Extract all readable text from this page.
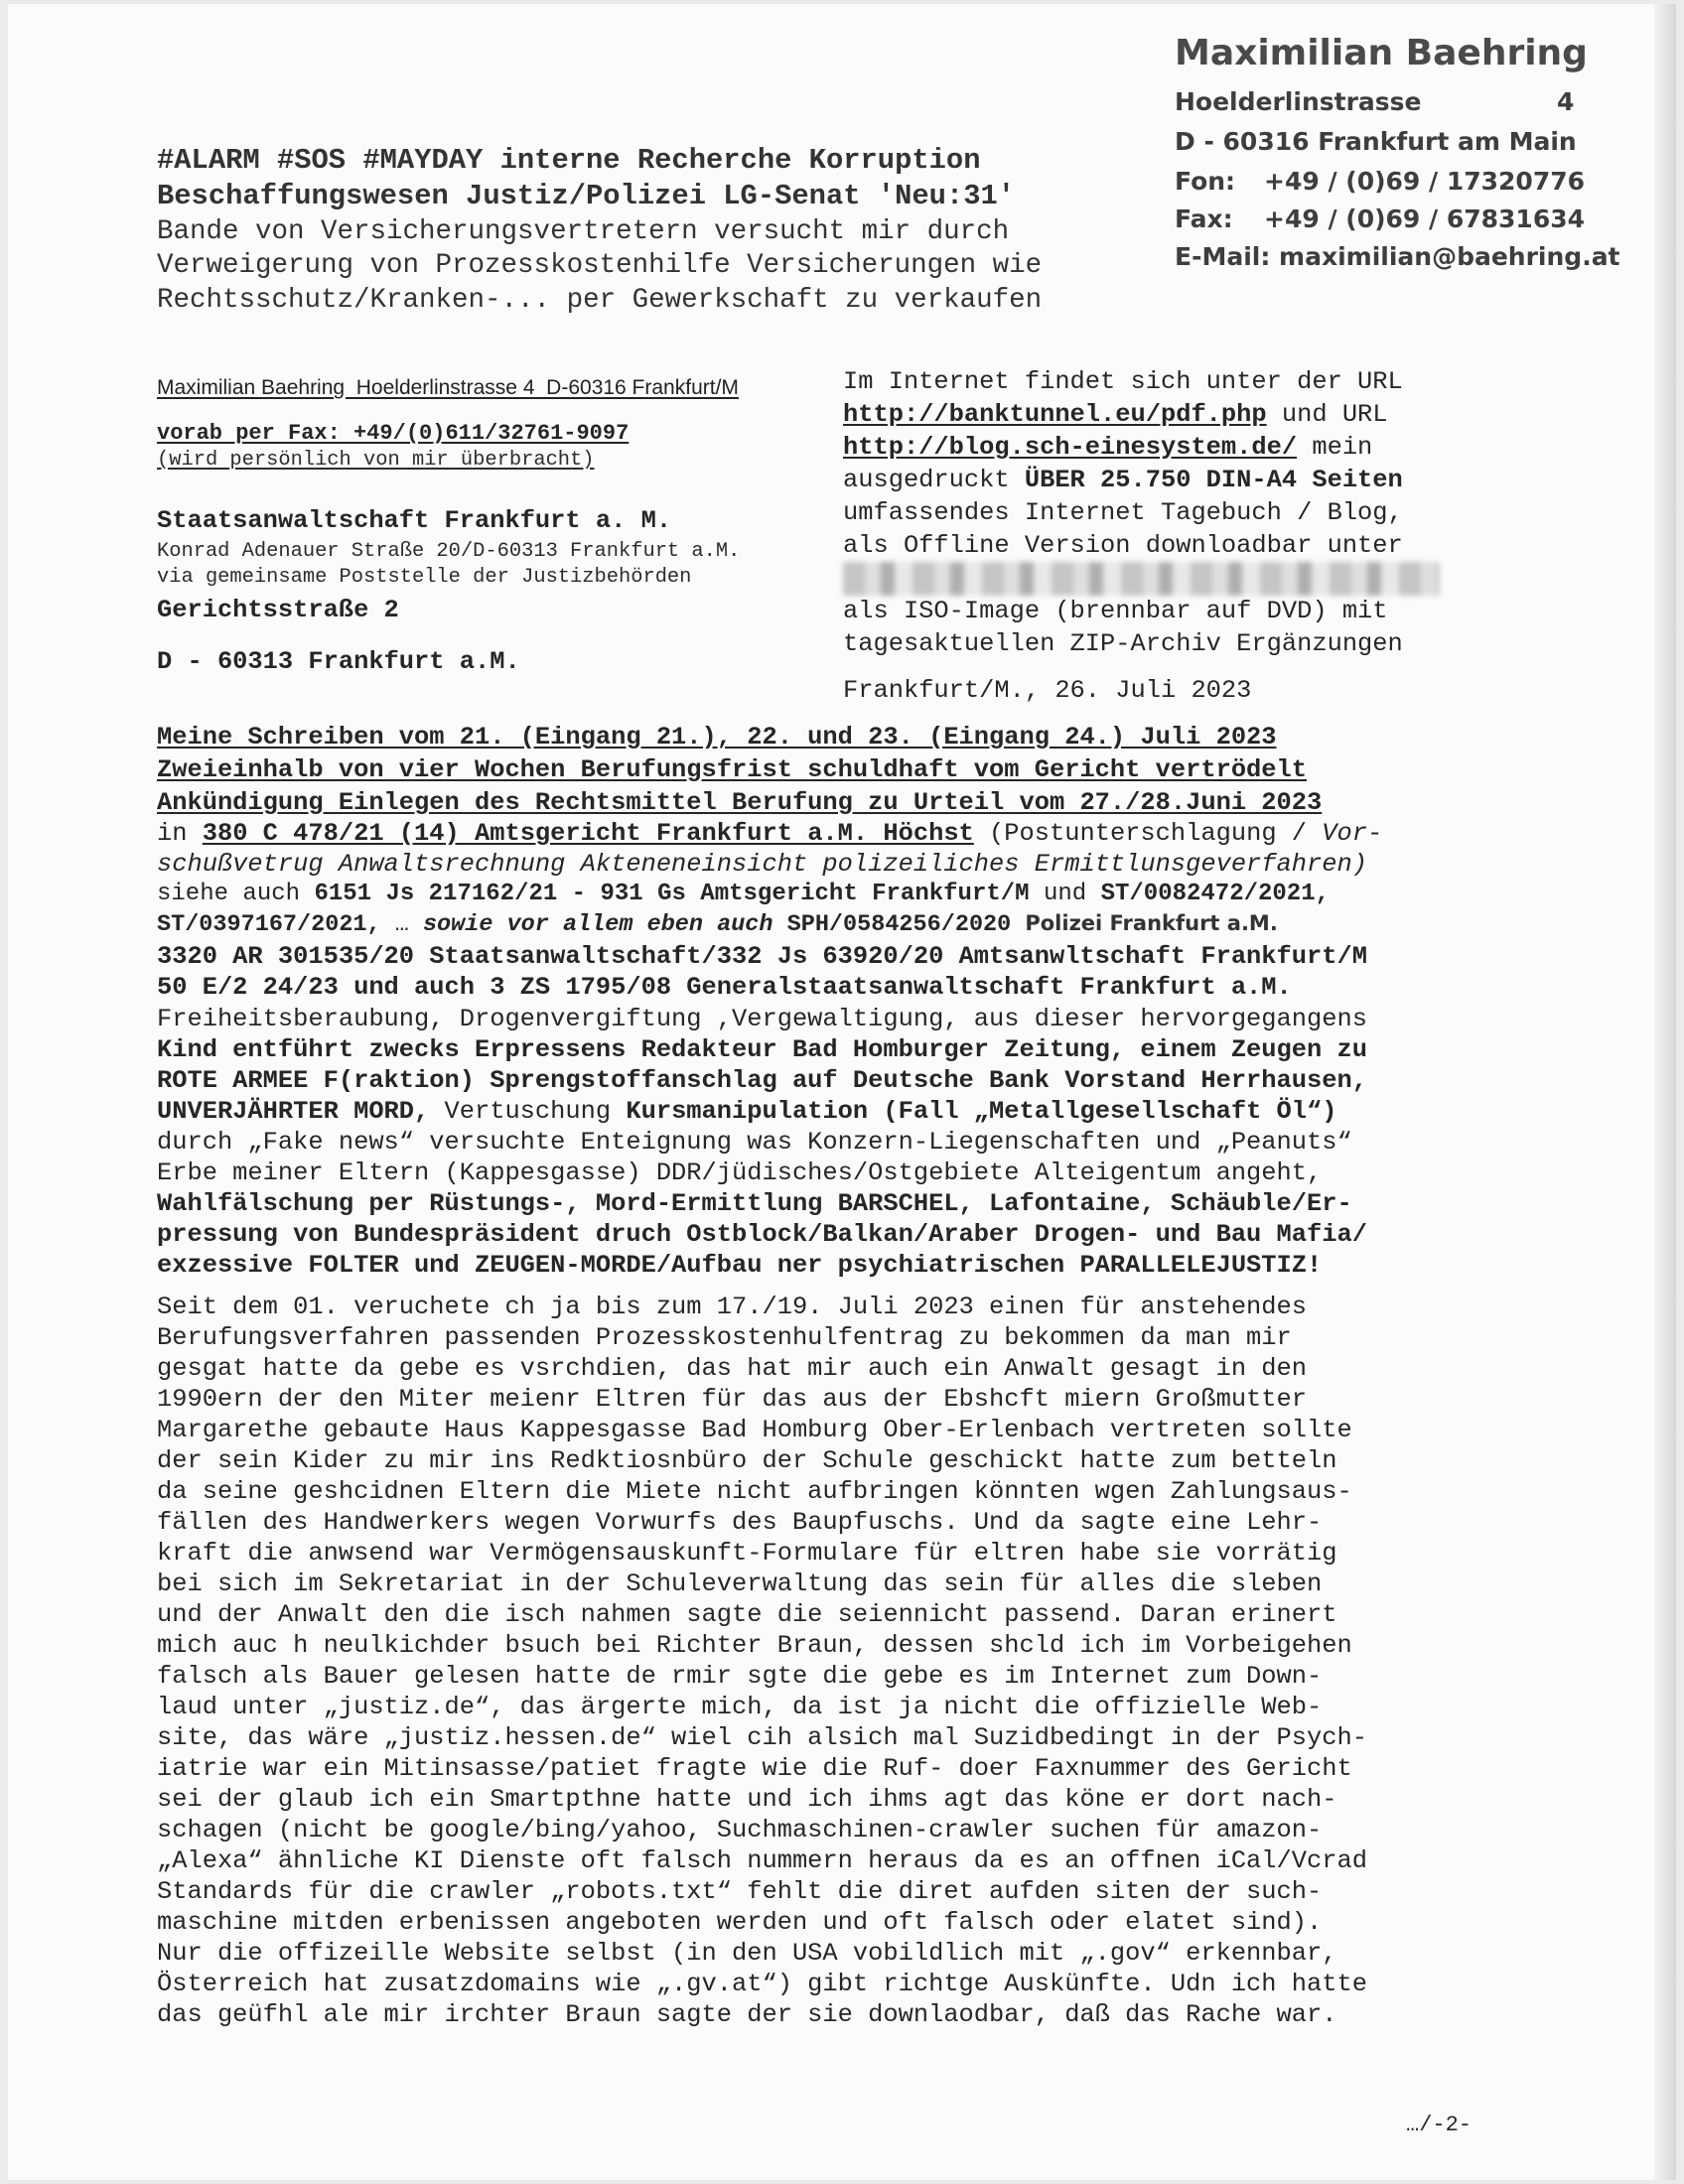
Maximilian Baehring
Hoelderlinstrasse	4
D - 60316 Frankfurt am Main
Fon: +49 / (0)69 / 17320776
Fax: +49 / (0)69 / 67831634
E-Mail: maximilian@baehring.at
#ALARM #SOS #MAYDAY interne Recherche Korruption
Beschaffungswesen Justiz/Polizei LG-Senat 'Neu:31'
Bande von Versicherungsvertretern versucht mir durch
Verweigerung von Prozesskostenhilfe Versicherungen wie
Rechtsschutz/Kranken-... per Gewerkschaft zu verkaufen
Maximilian Baehring  Hoelderlinstrasse 4  D-60316 Frankfurt/M
vorab per Fax: +49/(0)611/32761-9097
(wird persönlich von mir überbracht)
Staatsanwaltschaft Frankfurt a. M.
Konrad Adenauer Straße 20/D-60313 Frankfurt a.M.
via gemeinsame Poststelle der Justizbehörden
Gerichtsstraße 2
D - 60313 Frankfurt a.M.
Im Internet findet sich unter der URL
http://banktunnel.eu/pdf.php und URL
http://blog.sch-einesystem.de/ mein
ausgedruckt ÜBER 25.750 DIN-A4 Seiten
umfassendes Internet Tagebuch / Blog,
als Offline Version downloadbar unter
als ISO-Image (brennbar auf DVD) mit
tagesaktuellen ZIP-Archiv Ergänzungen
Frankfurt/M., 26. Juli 2023
Meine Schreiben vom 21. (Eingang 21.), 22. und 23. (Eingang 24.) Juli 2023
Zweieinhalb von vier Wochen Berufungsfrist schuldhaft vom Gericht vertrödelt
Ankündigung Einlegen des Rechtsmittel Berufung zu Urteil vom 27./28.Juni 2023
in 380 C 478/21 (14) Amtsgericht Frankfurt a.M. Höchst (Postunterschlagung / Vor-
schußvetrug Anwaltsrechnung Akteneneinsicht polizeiliches Ermittlunsgeverfahren)
siehe auch 6151 Js 217162/21 - 931 Gs Amtsgericht Frankfurt/M und ST/0082472/2021,
ST/0397167/2021, … sowie vor allem eben auch SPH/0584256/2020 Polizei Frankfurt a.M.
3320 AR 301535/20 Staatsanwaltschaft/332 Js 63920/20 Amtsanwltschaft Frankfurt/M
50 E/2 24/23 und auch 3 ZS 1795/08 Generalstaatsanwaltschaft Frankfurt a.M.
Freiheitsberaubung, Drogenvergiftung ,Vergewaltigung, aus dieser hervorgegangens
Kind entführt zwecks Erpressens Redakteur Bad Homburger Zeitung, einem Zeugen zu
ROTE ARMEE F(raktion) Sprengstoffanschlag auf Deutsche Bank Vorstand Herrhausen,
UNVERJÄHRTER MORD, Vertuschung Kursmanipulation (Fall „Metallgesellschaft Öl“)
durch „Fake news“ versuchte Enteignung was Konzern-Liegenschaften und „Peanuts“
Erbe meiner Eltern (Kappesgasse) DDR/jüdisches/Ostgebiete Alteigentum angeht,
Wahlfälschung per Rüstungs-, Mord-Ermittlung BARSCHEL, Lafontaine, Schäuble/Er-
pressung von Bundespräsident druch Ostblock/Balkan/Araber Drogen- und Bau Mafia/
exzessive FOLTER und ZEUGEN-MORDE/Aufbau ner psychiatrischen PARALLELEJUSTIZ!
Seit dem 01. veruchete ch ja bis zum 17./19. Juli 2023 einen für anstehendes
Berufungsverfahren passenden Prozesskostenhulfentrag zu bekommen da man mir
gesgat hatte da gebe es vsrchdien, das hat mir auch ein Anwalt gesagt in den
1990ern der den Miter meienr Eltren für das aus der Ebshcft miern Großmutter
Margarethe gebaute Haus Kappesgasse Bad Homburg Ober-Erlenbach vertreten sollte
der sein Kider zu mir ins Redktiosnbüro der Schule geschickt hatte zum betteln
da seine geshcidnen Eltern die Miete nicht aufbringen könnten wgen Zahlungsaus-
fällen des Handwerkers wegen Vorwurfs des Baupfuschs. Und da sagte eine Lehr-
kraft die anwsend war Vermögensauskunft-Formulare für eltren habe sie vorrätig
bei sich im Sekretariat in der Schuleverwaltung das sein für alles die sleben
und der Anwalt den die isch nahmen sagte die seiennicht passend. Daran erinert
mich auc h neulkichder bsuch bei Richter Braun, dessen shcld ich im Vorbeigehen
falsch als Bauer gelesen hatte de rmir sgte die gebe es im Internet zum Down-
laud unter „justiz.de“, das ärgerte mich, da ist ja nicht die offizielle Web-
site, das wäre „justiz.hessen.de“ wiel cih alsich mal Suzidbedingt in der Psych-
iatrie war ein Mitinsasse/patiet fragte wie die Ruf- doer Faxnummer des Gericht
sei der glaub ich ein Smartpthne hatte und ich ihms agt das köne er dort nach-
schagen (nicht be google/bing/yahoo, Suchmaschinen-crawler suchen für amazon-
„Alexa“ ähnliche KI Dienste oft falsch nummern heraus da es an offnen iCal/Vcrad
Standards für die crawler „robots.txt“ fehlt die diret aufden siten der such-
maschine mitden erbenissen angeboten werden und oft falsch oder elatet sind).
Nur die offizeille Website selbst (in den USA vobildlich mit „.gov“ erkennbar,
Österreich hat zusatzdomains wie „.gv.at“) gibt richtge Auskünfte. Udn ich hatte
das geüfhl ale mir irchter Braun sagte der sie downlaodbar, daß das Rache war.
…/-2-
